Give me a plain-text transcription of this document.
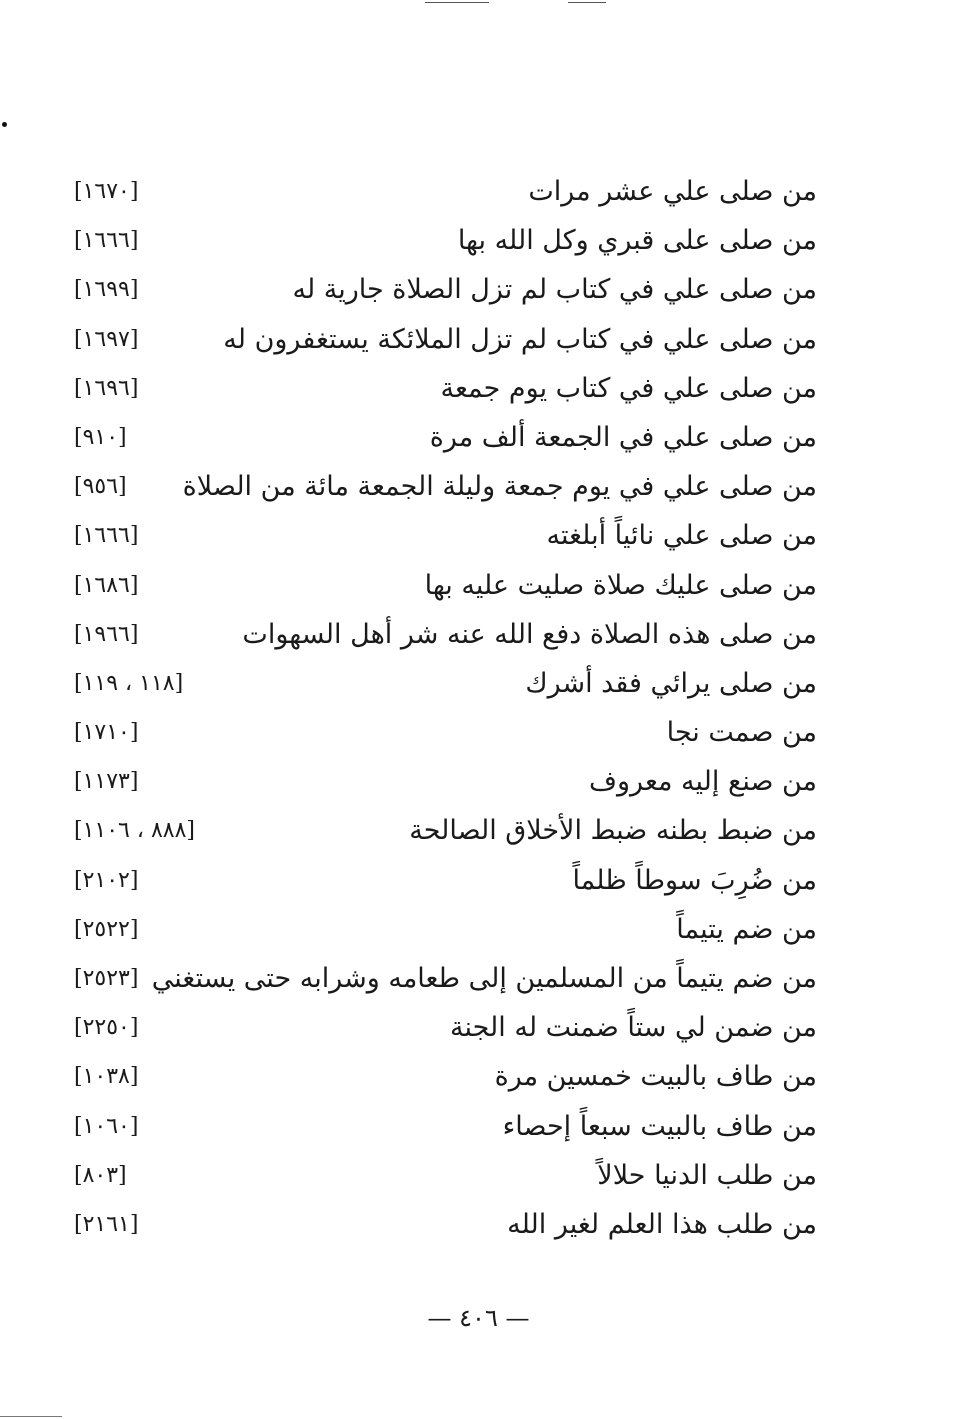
من صلى علي عشر مرات
[١٦٧٠]
من صلى على قبري وكل الله بها
[١٦٦٦]
من صلى علي في كتاب لم تزل الصلاة جارية له
[١٦٩٩]
من صلى علي في كتاب لم تزل الملائكة يستغفرون له
[١٦٩٧]
من صلى علي في كتاب يوم جمعة
[١٦٩٦]
من صلى علي في الجمعة ألف مرة
[٩١٠]
من صلى علي في يوم جمعة وليلة الجمعة مائة من الصلاة
[٩٥٦]
من صلى علي نائياً أبلغته
[١٦٦٦]
من صلى عليك صلاة صليت عليه بها
[١٦٨٦]
من صلى هذه الصلاة دفع الله عنه شر أهل السهوات
[١٩٦٦]
من صلى يرائي فقد أشرك
[١١٨ ، ١١٩]
من صمت نجا
[١٧١٠]
من صنع إليه معروف
[١١٧٣]
من ضبط بطنه ضبط الأخلاق الصالحة
[٨٨٨ ، ١١٠٦]
من ضُرِبَ سوطاً ظلماً
[٢١٠٢]
من ضم يتيماً
[٢٥٢٢]
من ضم يتيماً من المسلمين إلى طعامه وشرابه حتى يستغني
[٢٥٢٣]
من ضمن لي ستاً ضمنت له الجنة
[٢٢٥٠]
من طاف بالبيت خمسين مرة
[١٠٣٨]
من طاف بالبيت سبعاً إحصاء
[١٠٦٠]
من طلب الدنيا حلالاً
[٨٠٣]
من طلب هذا العلم لغير الله
[٢١٦١]
— ٤٠٦ —
